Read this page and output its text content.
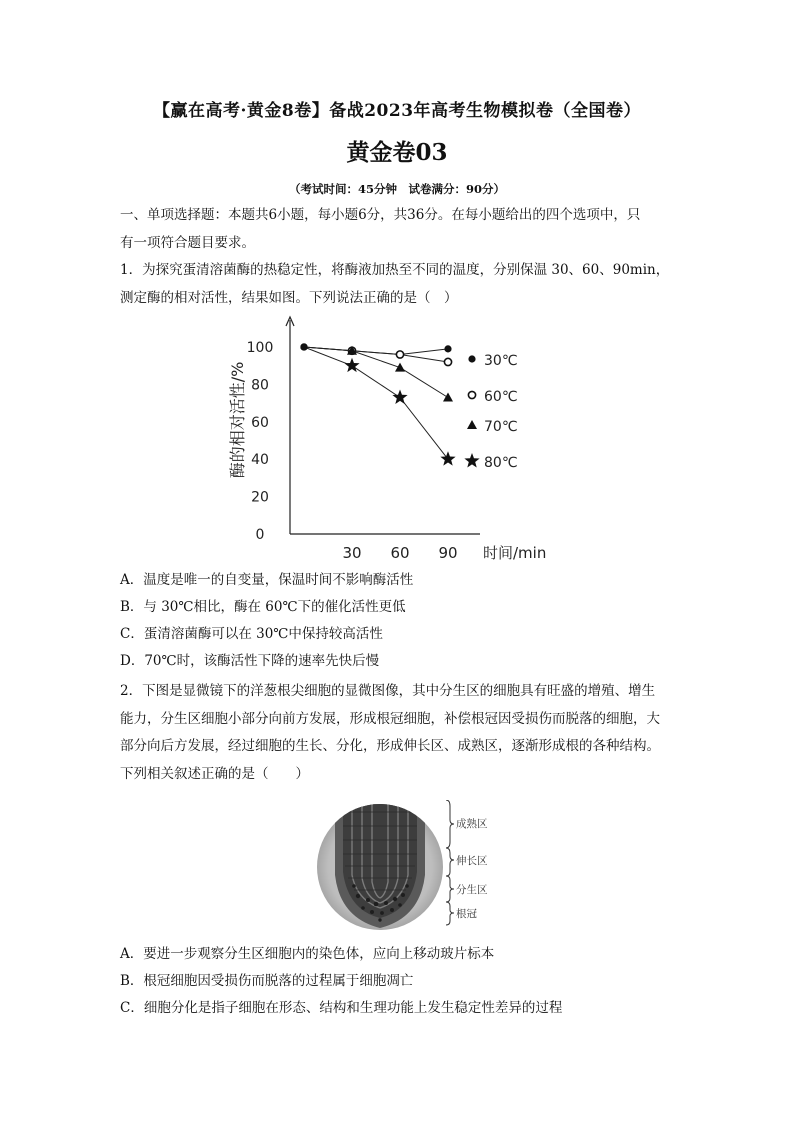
【赢在高考·黄金8卷】备战2023年高考生物模拟卷（全国卷）
黄金卷03
（考试时间：45分钟　试卷满分：90分）
一、单项选择题：本题共6小题，每小题6分，共36分。在每小题给出的四个选项中，只
有一项符合题目要求。
1．为探究蛋清溶菌酶的热稳定性，将酶液加热至不同的温度，分别保温 30、60、90min，
测定酶的相对活性，结果如图。下列说法正确的是（　）
0
20
40
60
80
100
30 60 90 时间/min
酶的相对活性/%
30℃
60℃
70℃
80℃
A．温度是唯一的自变量，保温时间不影响酶活性
B．与 30℃相比，酶在 60℃下的催化活性更低
C．蛋清溶菌酶可以在 30℃中保持较高活性
D．70℃时，该酶活性下降的速率先快后慢
2．下图是显微镜下的洋葱根尖细胞的显微图像，其中分生区的细胞具有旺盛的增殖、增生
能力，分生区细胞小部分向前方发展，形成根冠细胞，补偿根冠因受损伤而脱落的细胞，大
部分向后方发展，经过细胞的生长、分化，形成伸长区、成熟区，逐渐形成根的各种结构。
下列相关叙述正确的是（　　）
成熟区
伸长区
分生区
根冠
A．要进一步观察分生区细胞内的染色体，应向上移动玻片标本
B．根冠细胞因受损伤而脱落的过程属于细胞凋亡
C．细胞分化是指子细胞在形态、结构和生理功能上发生稳定性差异的过程
